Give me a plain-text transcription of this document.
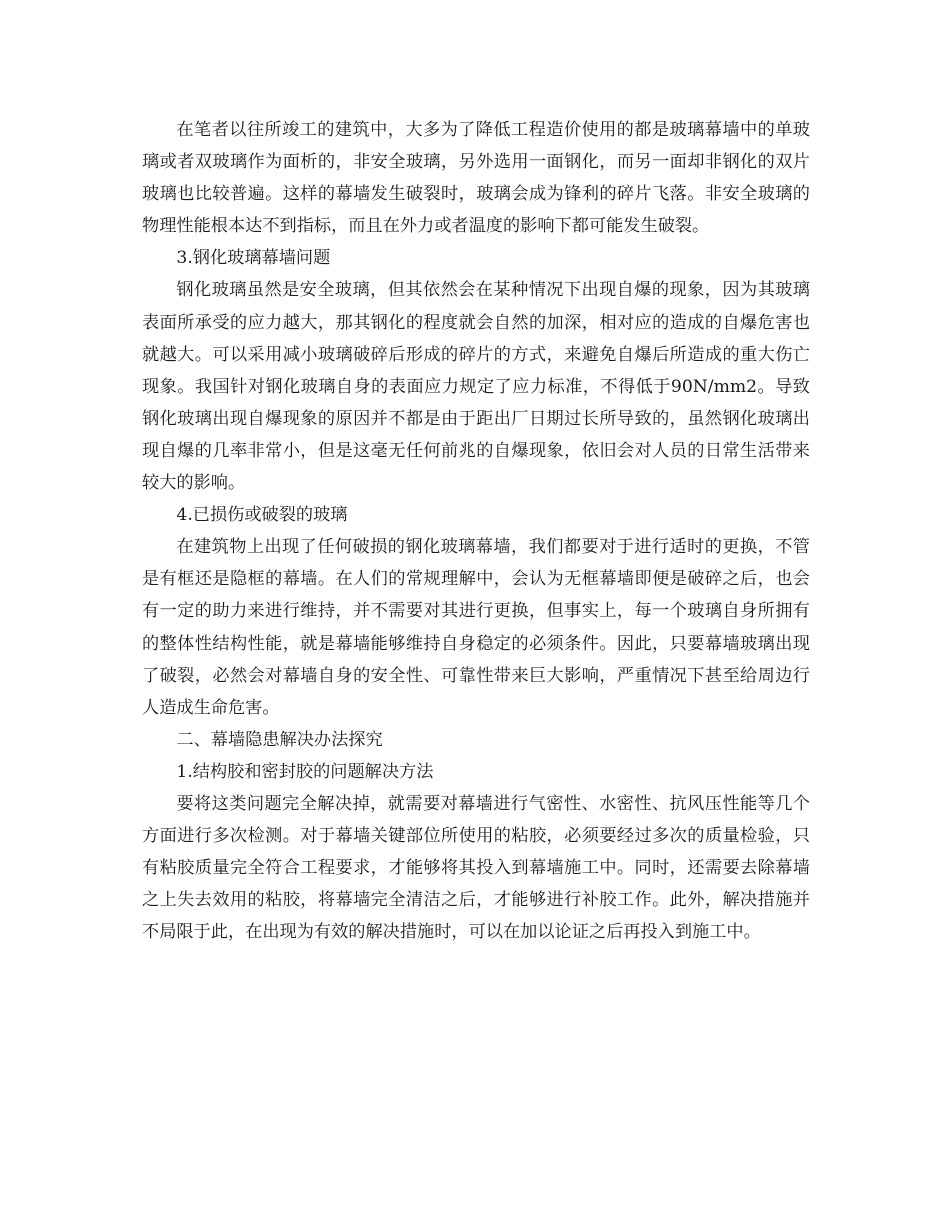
在笔者以往所竣工的建筑中，大多为了降低工程造价使用的都是玻璃幕墙中的单玻璃或者双玻璃作为面析的，非安全玻璃，另外选用一面钢化，而另一面却非钢化的双片玻璃也比较普遍。这样的幕墙发生破裂时，玻璃会成为锋利的碎片飞落。非安全玻璃的物理性能根本达不到指标，而且在外力或者温度的影响下都可能发生破裂。

3.钢化玻璃幕墙问题

钢化玻璃虽然是安全玻璃，但其依然会在某种情况下出现自爆的现象，因为其玻璃表面所承受的应力越大，那其钢化的程度就会自然的加深，相对应的造成的自爆危害也就越大。可以采用减小玻璃破碎后形成的碎片的方式，来避免自爆后所造成的重大伤亡现象。我国针对钢化玻璃自身的表面应力规定了应力标准，不得低于90N/mm2。导致钢化玻璃出现自爆现象的原因并不都是由于距出厂日期过长所导致的，虽然钢化玻璃出现自爆的几率非常小，但是这毫无任何前兆的自爆现象，依旧会对人员的日常生活带来较大的影响。

4.已损伤或破裂的玻璃

在建筑物上出现了任何破损的钢化玻璃幕墙，我们都要对于进行适时的更换，不管是有框还是隐框的幕墙。在人们的常规理解中，会认为无框幕墙即便是破碎之后，也会有一定的助力来进行维持，并不需要对其进行更换，但事实上，每一个玻璃自身所拥有的整体性结构性能，就是幕墙能够维持自身稳定的必须条件。因此，只要幕墙玻璃出现了破裂，必然会对幕墙自身的安全性、可靠性带来巨大影响，严重情况下甚至给周边行人造成生命危害。

二、幕墙隐患解决办法探究

1.结构胶和密封胶的问题解决方法

要将这类问题完全解决掉，就需要对幕墙进行气密性、水密性、抗风压性能等几个方面进行多次检测。对于幕墙关键部位所使用的粘胶，必须要经过多次的质量检验，只有粘胶质量完全符合工程要求，才能够将其投入到幕墙施工中。同时，还需要去除幕墙之上失去效用的粘胶，将幕墙完全清洁之后，才能够进行补胶工作。此外，解决措施并不局限于此，在出现为有效的解决措施时，可以在加以论证之后再投入到施工中。
